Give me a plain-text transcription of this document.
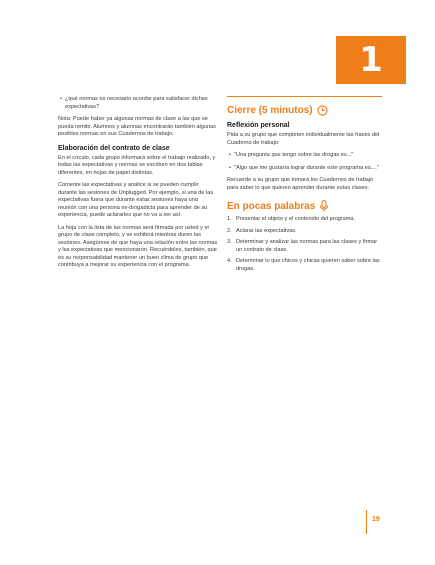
1

• ¿qué normas es necesario acordar para satisfacer dichas expectativas?

Nota: Puede haber ya algunas normas de clase a las que se pueda remitir. Alumnos y alumnas encontrarán también algunas posibles normas en sus Cuadernos de trabajo.

Elaboración del contrato de clase

En el círculo, cada grupo informará sobre el trabajo realizado, y todas las expectativas y normas se escriben en dos tablas diferentes, en hojas de papel distintas.

Comente las expectativas y analice si se pueden cumplir durante las sesiones de Unplugged. Por ejemplo, si una de las expectativas fuera que durante estas sesiones haya una reunión con una persona ex-drogadicta para aprender de su experiencia, puede aclararles que no va a ser así.

La hoja con la lista de las normas será firmada por usted y el grupo de clase completo, y se exhibirá mientras duren las sesiones. Asegúrese de que haya una relación entre las normas y las expectativas que mencionaron. Recuérdeles, también, que es su responsabilidad mantener un buen clima de grupo que contribuya a mejorar su experiencia con el programa.

Cierre (5 minutos)
Reflexión personal

Pida a su grupo que completen individualmente las frases del Cuaderno de trabajo:

• "Una pregunta que tengo sobre las drogas es..."

• "Algo que me gustaría lograr durante este programa es...."

Recuerde a su grupo que tomará los Cuadernos de trabajo para saber lo que quieren aprender durante estas clases.

En pocas palabras
1. Presentar el objeto y el contenido del programa.
2. Aclarar las expectativas.
3. Determinar y analizar las normas para las clases y firmar un contrato de clase.
4. Determinar lo que chicos y chicas quieren saber sobre las drogas.
19
